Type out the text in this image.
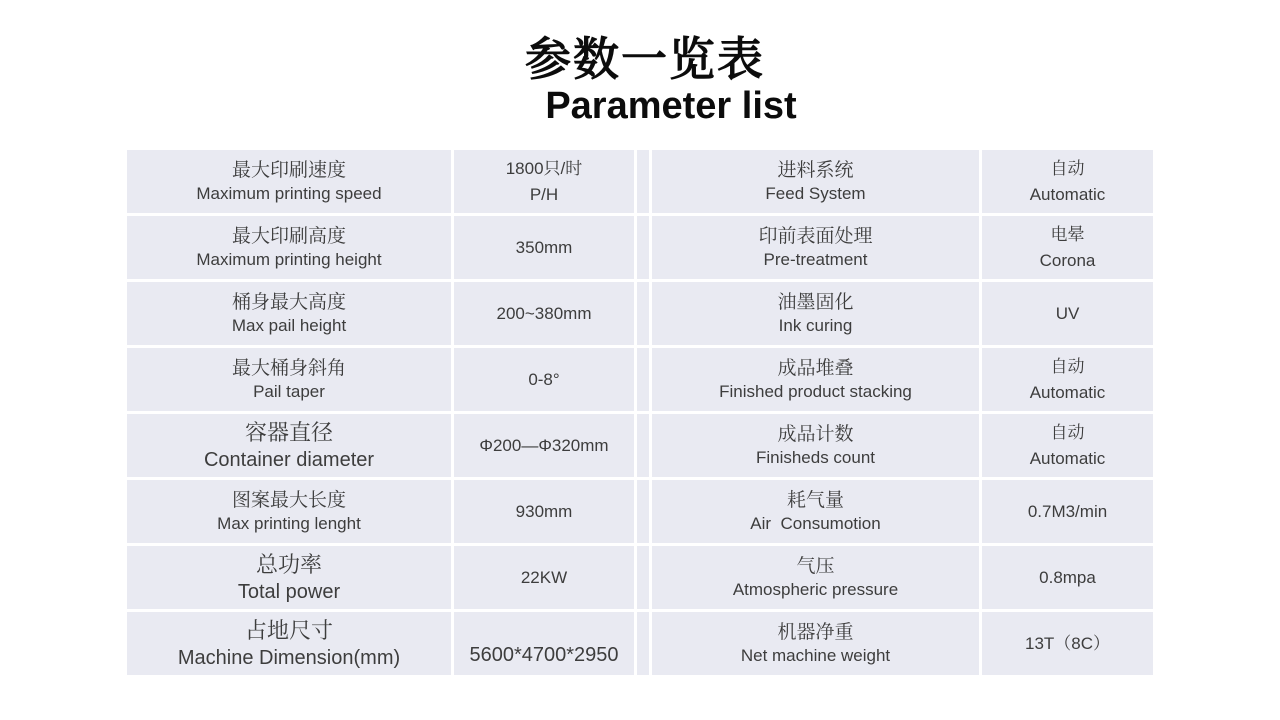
参数一览表
Parameter list
最大印刷速度
Maximum printing speed
1800只/时
P/H
进料系统
Feed System
自动
Automatic
最大印刷高度
Maximum printing height
350mm
印前表面处理
Pre-treatment
电晕
Corona
桶身最大高度
Max pail height
200~380mm
油墨固化
Ink curing
UV
最大桶身斜角
Pail taper
0-8°
成品堆叠
Finished product stacking
自动
Automatic
容器直径
Container diameter
Φ200—Φ320mm
成品计数
Finisheds count
自动
Automatic
图案最大长度
Max printing lenght
930mm
耗气量
Air  Consumotion
0.7M3/min
总功率
Total power
22KW
气压
Atmospheric pressure
0.8mpa
占地尺寸
Machine Dimension(mm)	5600*4700*2950
机器净重
Net machine weight
13T（8C）
